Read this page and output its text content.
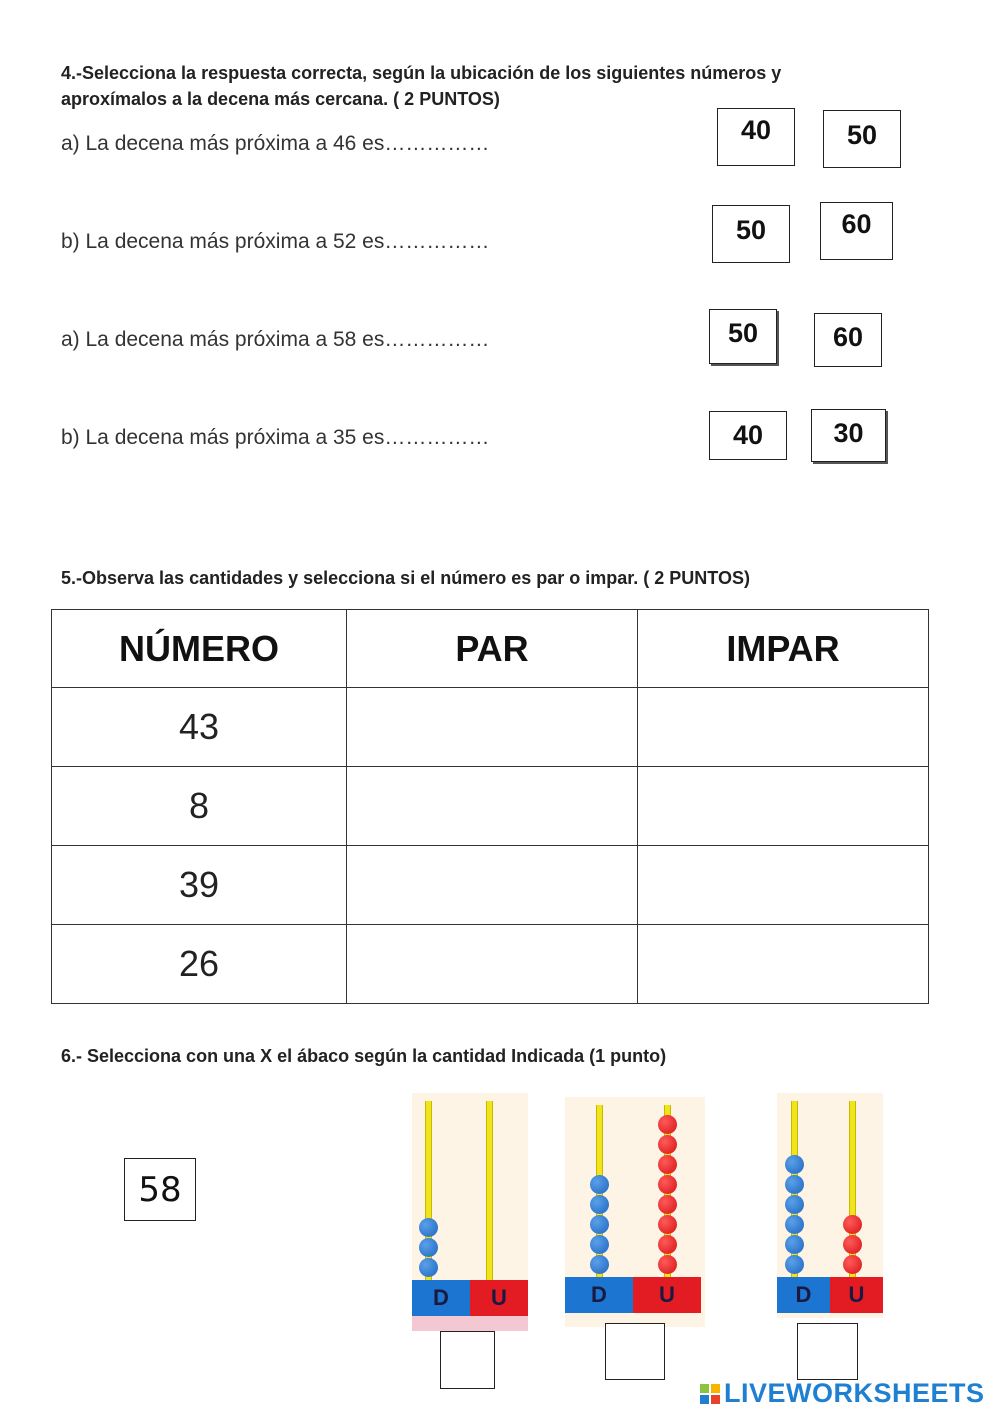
4.-Selecciona la respuesta correcta, según la ubicación de los siguientes números y
aproxímalos a la decena más cercana. ( 2 PUNTOS)
a) La decena más próxima a 46 es……………	40	50
b) La decena más próxima a 52 es……………	50	60
a) La decena más próxima a 58 es……………	50	60
b) La decena más próxima a 35 es……………	40	30
5.-Observa las cantidades y selecciona si el número es par o impar. ( 2 PUNTOS)
NÚMERO	PAR	IMPAR
43		
8		
39		
26		
6.- Selecciona con una X el ábaco según la cantidad Indicada (1 punto)
58
D	U	D	U	D	U
LIVEWORKSHEETS
